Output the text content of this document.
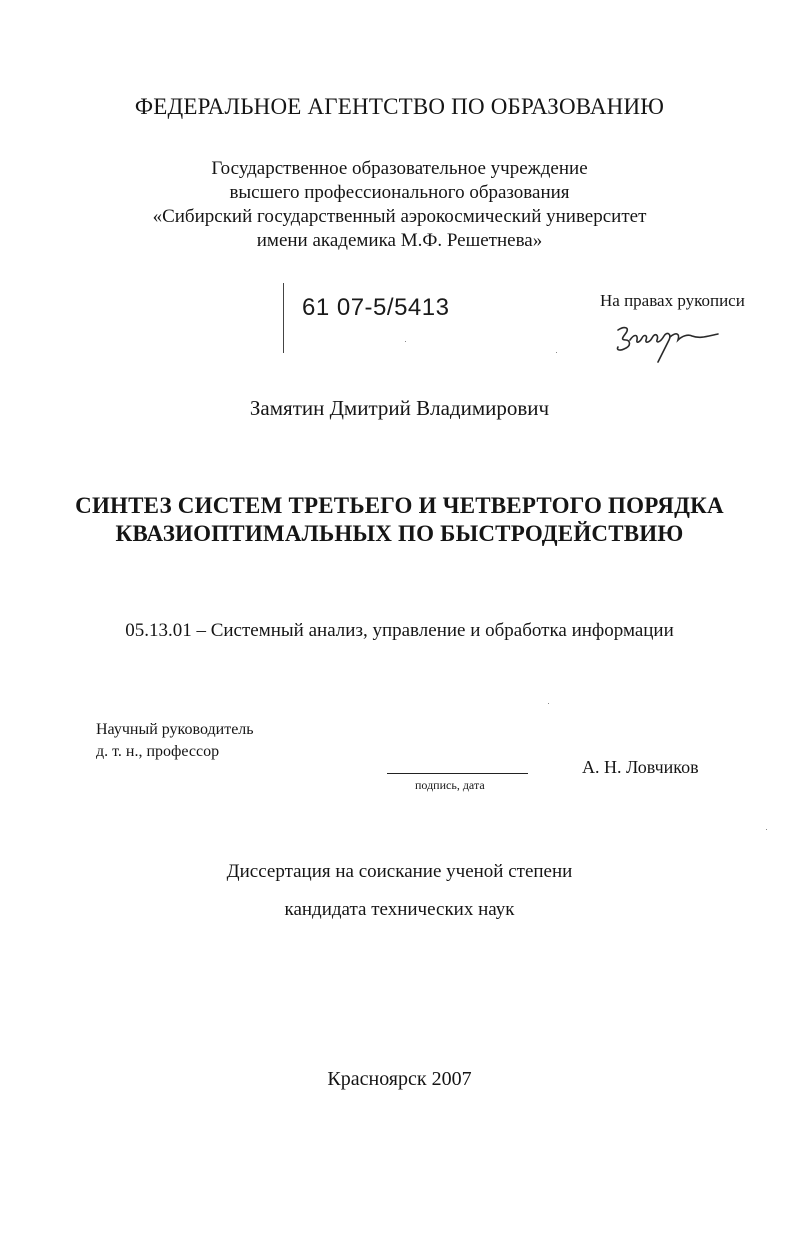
ФЕДЕРАЛЬНОЕ АГЕНТСТВО ПО ОБРАЗОВАНИЮ
Государственное образовательное учреждение
высшего профессионального образования
«Сибирский государственный аэрокосмический университет
имени академика М.Ф. Решетнева»
61 07-5/5413	На правах рукописи
Замятин Дмитрий Владимирович
СИНТЕЗ СИСТЕМ ТРЕТЬЕГО И ЧЕТВЕРТОГО ПОРЯДКА
КВАЗИОПТИМАЛЬНЫХ ПО БЫСТРОДЕЙСТВИЮ
05.13.01 – Системный анализ, управление и обработка информации
Научный руководитель
д. т. н., профессор
подпись, дата
А. Н. Ловчиков
Диссертация на соискание ученой степени
кандидата технических наук
Красноярск 2007
